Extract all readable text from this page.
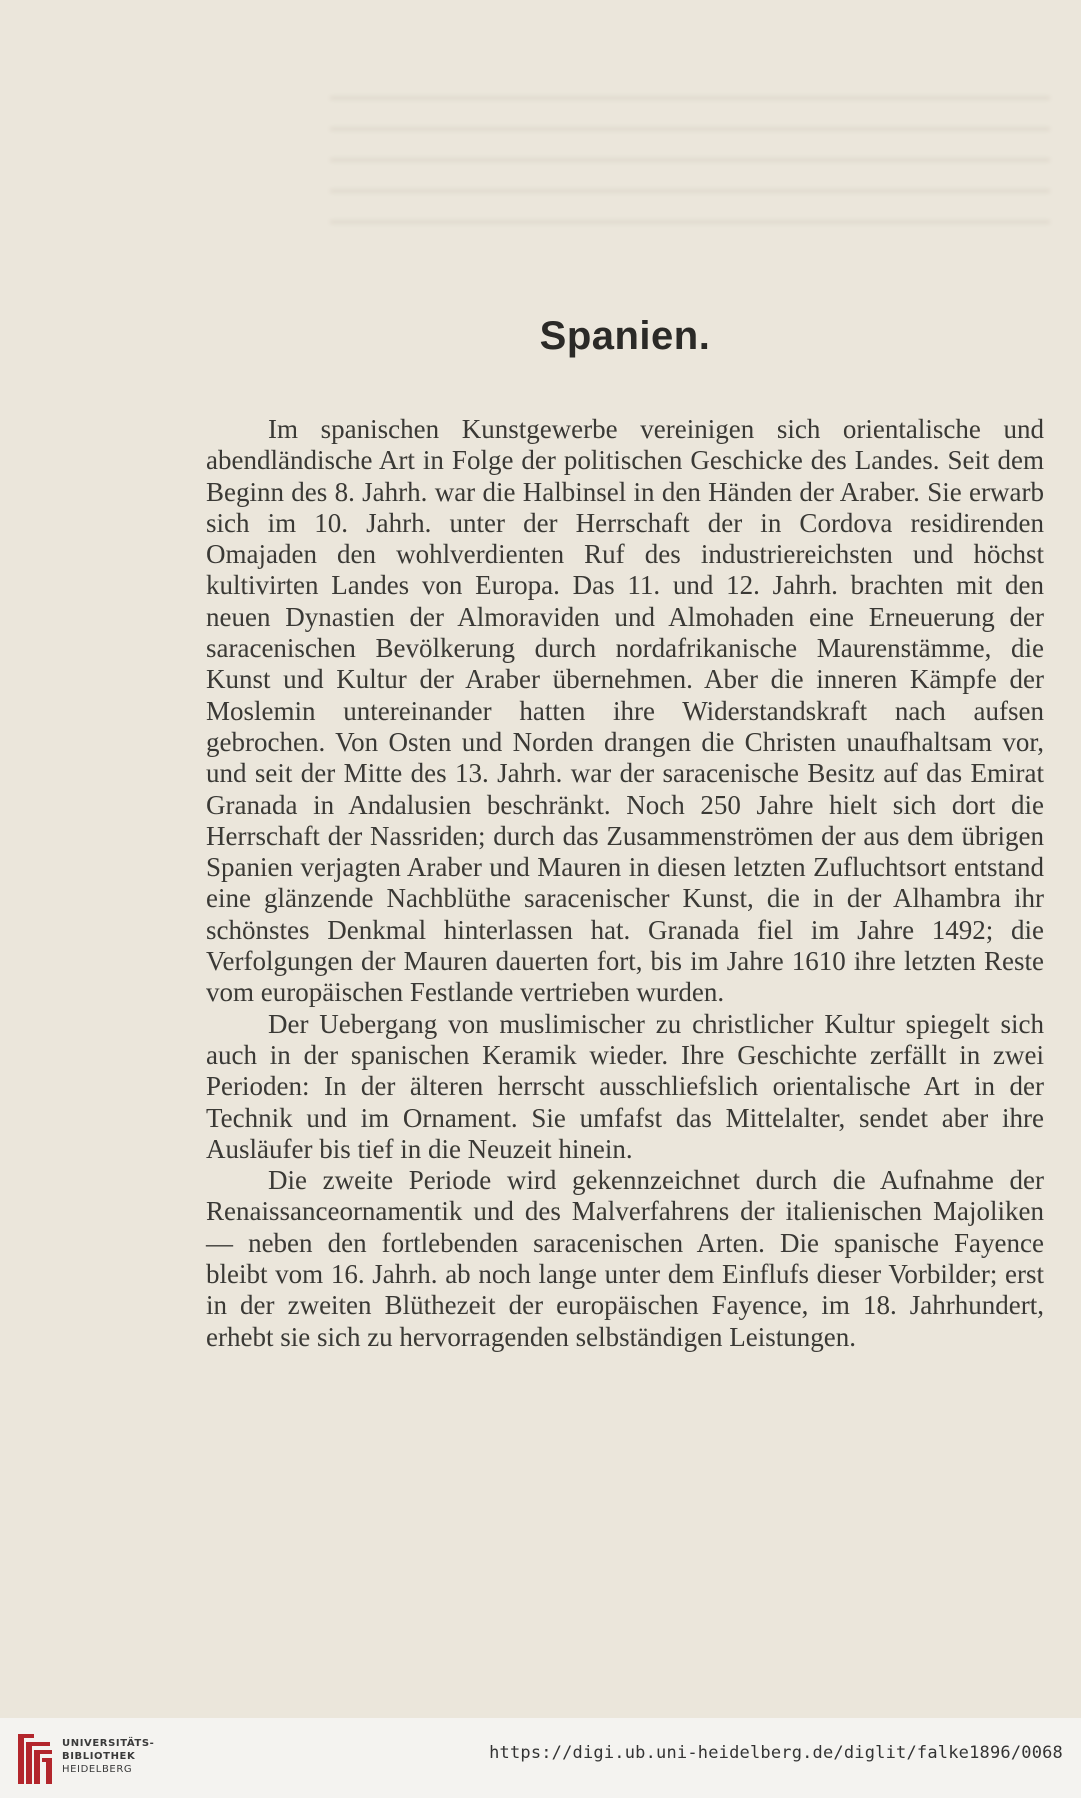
Spanien.

Im spanischen Kunstgewerbe vereinigen sich orientalische und abendländische Art in Folge der politischen Geschicke des Landes. Seit dem Beginn des 8. Jahrh. war die Halbinsel in den Händen der Araber. Sie erwarb sich im 10. Jahrh. unter der Herrschaft der in Cordova residirenden Omajaden den wohlverdienten Ruf des industriereichsten und höchst kultivirten Landes von Europa. Das 11. und 12. Jahrh. brachten mit den neuen Dynastien der Almoraviden und Almohaden eine Erneuerung der saracenischen Bevölkerung durch nordafrikanische Maurenstämme, die Kunst und Kultur der Araber übernehmen. Aber die inneren Kämpfe der Moslemin untereinander hatten ihre Widerstandskraft nach aufsen gebrochen. Von Osten und Norden drangen die Christen unaufhaltsam vor, und seit der Mitte des 13. Jahrh. war der saracenische Besitz auf das Emirat Granada in Andalusien beschränkt. Noch 250 Jahre hielt sich dort die Herrschaft der Nassriden; durch das Zusammenströmen der aus dem übrigen Spanien verjagten Araber und Mauren in diesen letzten Zufluchtsort entstand eine glänzende Nachblüthe saracenischer Kunst, die in der Alhambra ihr schönstes Denkmal hinterlassen hat. Granada fiel im Jahre 1492; die Verfolgungen der Mauren dauerten fort, bis im Jahre 1610 ihre letzten Reste vom europäischen Festlande vertrieben wurden.

Der Uebergang von muslimischer zu christlicher Kultur spiegelt sich auch in der spanischen Keramik wieder. Ihre Geschichte zerfällt in zwei Perioden: In der älteren herrscht ausschliefslich orientalische Art in der Technik und im Ornament. Sie umfafst das Mittelalter, sendet aber ihre Ausläufer bis tief in die Neuzeit hinein.

Die zweite Periode wird gekennzeichnet durch die Aufnahme der Renaissanceornamentik und des Malverfahrens der italienischen Majoliken — neben den fortlebenden saracenischen Arten. Die spanische Fayence bleibt vom 16. Jahrh. ab noch lange unter dem Einflufs dieser Vorbilder; erst in der zweiten Blüthezeit der europäischen Fayence, im 18. Jahrhundert, erhebt sie sich zu hervorragenden selbständigen Leistungen.

UNIVERSITÄTS-
BIBLIOTHEK
HEIDELBERG
https://digi.ub.uni-heidelberg.de/diglit/falke1896/0068
